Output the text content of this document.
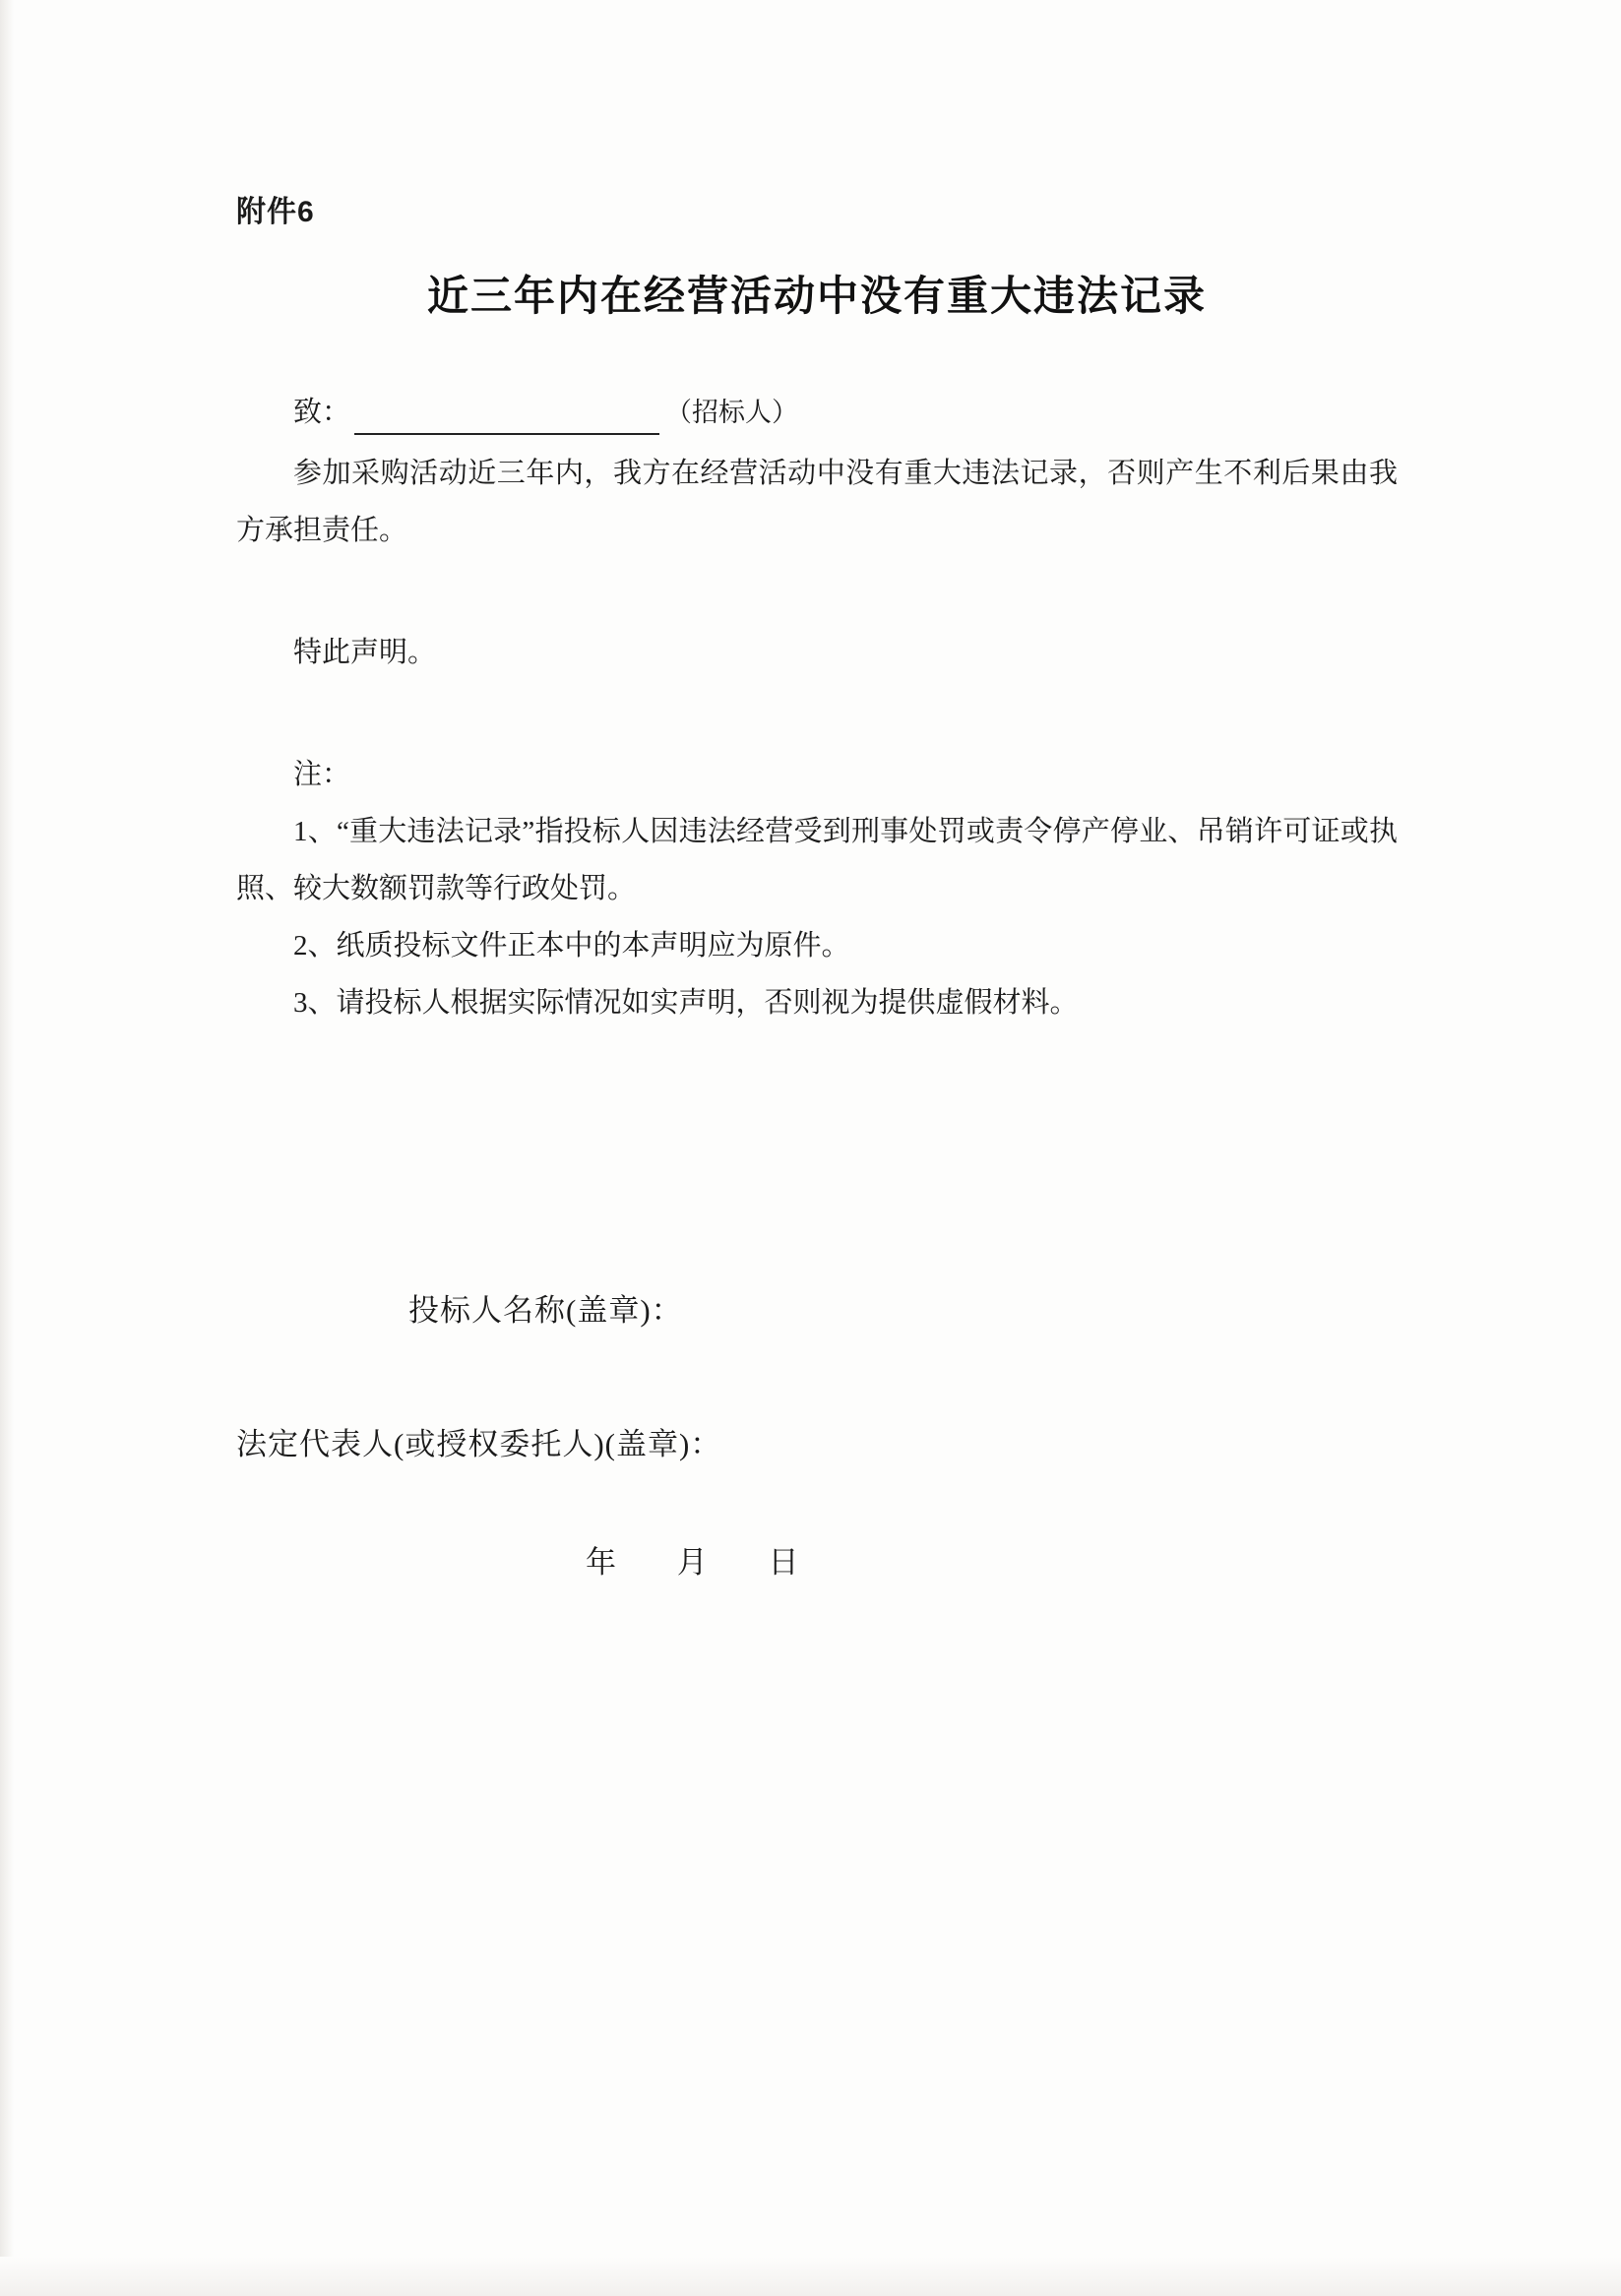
附件6
近三年内在经营活动中没有重大违法记录
致：	（招标人）
参加采购活动近三年内，我方在经营活动中没有重大违法记录，否则产生不利后果由我方承担责任。
特此声明。
注：
1、“重大违法记录”指投标人因违法经营受到刑事处罚或责令停产停业、吊销许可证或执照、较大数额罚款等行政处罚。
2、纸质投标文件正本中的本声明应为原件。
3、请投标人根据实际情况如实声明，否则视为提供虚假材料。
投标人名称(盖章)：
法定代表人(或授权委托人)(盖章)：
年 月 日
